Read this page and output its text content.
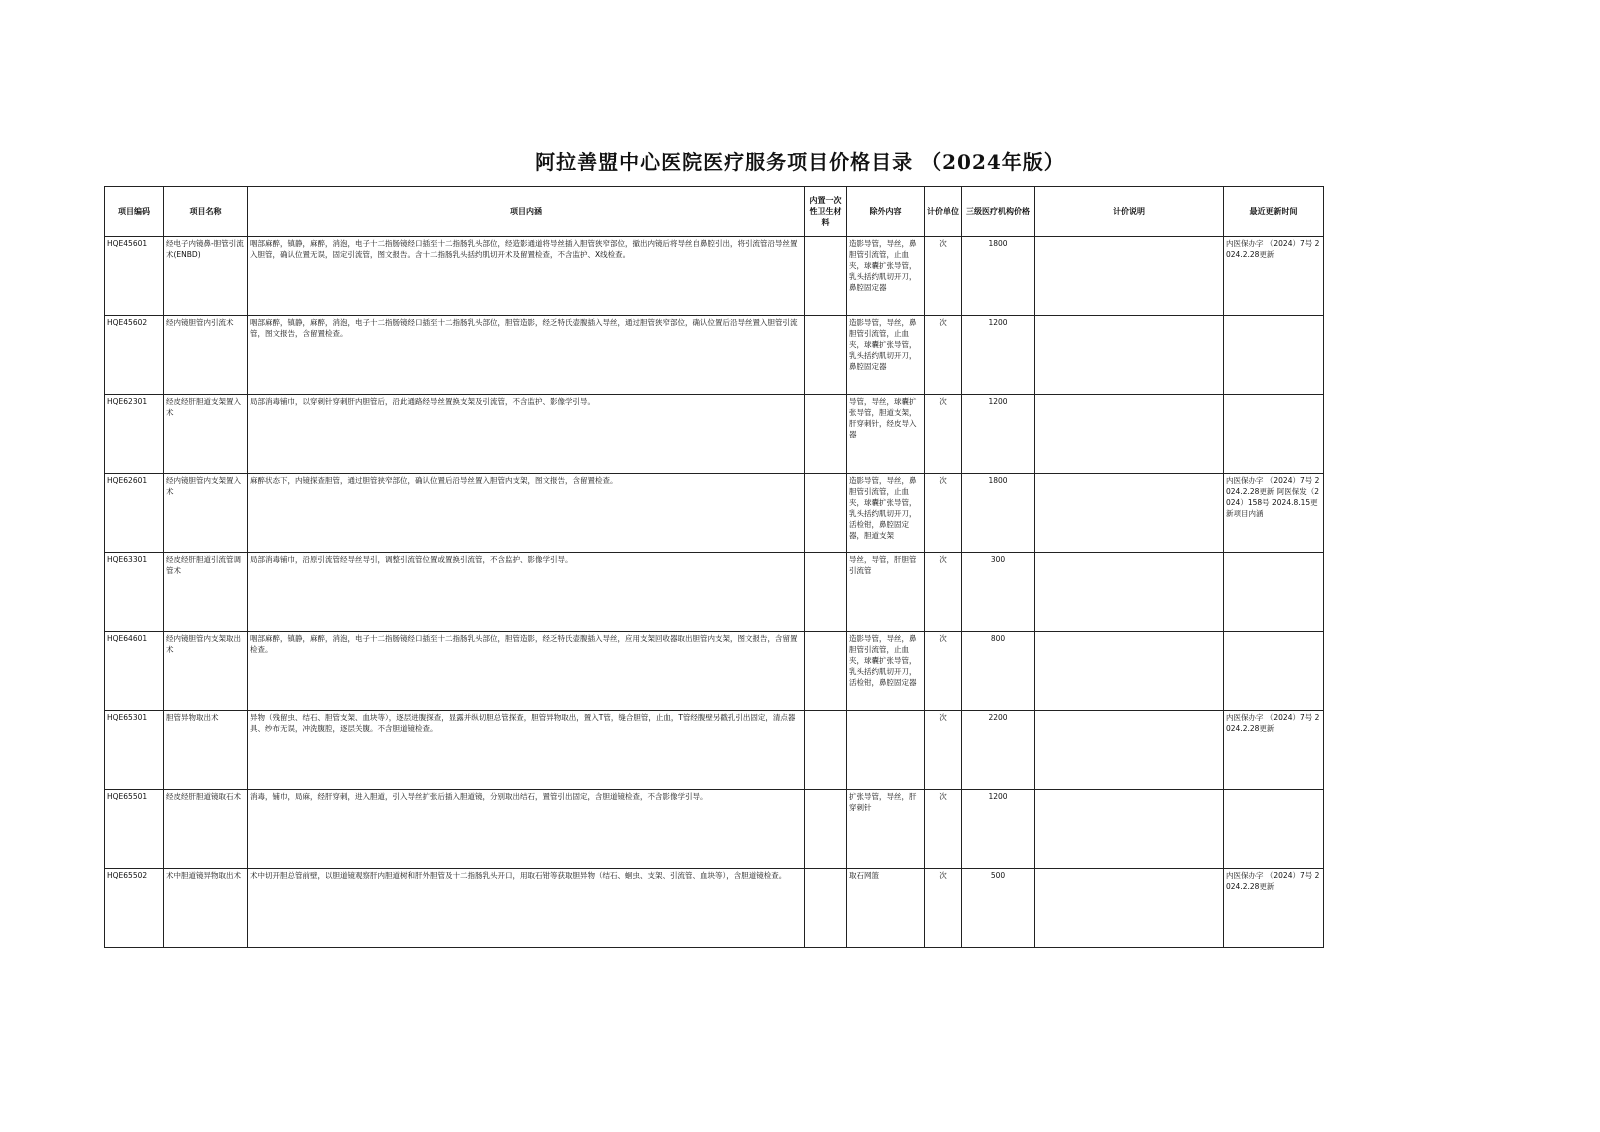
阿拉善盟中心医院医疗服务项目价格目录 （2024年版）
项目编码	项目名称	项目内涵	内置一次性卫生材料	除外内容	计价单位	三级医疗机构价格	计价说明	最近更新时间
HQE45601	经电子内镜鼻-胆管引流术(ENBD)	咽部麻醉，镇静，麻醉，消泡，电子十二指肠镜经口插至十二指肠乳头部位，经造影通道将导丝插入胆管狭窄部位，撤出内镜后将导丝自鼻腔引出，将引流管沿导丝置入胆管，确认位置无误，固定引流管，图文报告。含十二指肠乳头括约肌切开术及留置检查，不含监护、X线检查。		造影导管，导丝，鼻胆管引流管，止血夹，球囊扩张导管，乳头括约肌切开刀，鼻腔固定器	次	1800		内医保办字 （2024）7号 2024.2.28更新
HQE45602	经内镜胆管内引流术	咽部麻醉，镇静，麻醉，消泡，电子十二指肠镜经口插至十二指肠乳头部位，胆管造影，经乏特氏壶腹插入导丝，通过胆管狭窄部位，确认位置后沿导丝置入胆管引流管，图文报告，含留置检查。		造影导管，导丝，鼻胆管引流管，止血夹，球囊扩张导管，乳头括约肌切开刀，鼻腔固定器	次	1200		
HQE62301	经皮经肝胆道支架置入术	局部消毒铺巾，以穿刺针穿刺肝内胆管后，沿此通路经导丝置换支架及引流管，不含监护、影像学引导。		导管，导丝，球囊扩张导管，胆道支架，肝穿刺针，经皮导入器	次	1200		
HQE62601	经内镜胆管内支架置入术	麻醉状态下，内镜探查胆管，通过胆管狭窄部位，确认位置后沿导丝置入胆管内支架，图文报告，含留置检查。		造影导管，导丝，鼻胆管引流管，止血夹，球囊扩张导管，乳头括约肌切开刀，活检钳，鼻腔固定器，胆道支架	次	1800		内医保办字 （2024）7号 2024.2.28更新 阿医保发（2024）158号 2024.8.15更新项目内涵
HQE63301	经皮经肝胆道引流管调管术	局部消毒铺巾，沿原引流管经导丝导引，调整引流管位置或置换引流管，不含监护、影像学引导。		导丝，导管，肝胆管引流管	次	300		
HQE64601	经内镜胆管内支架取出术	咽部麻醉，镇静，麻醉，消泡，电子十二指肠镜经口插至十二指肠乳头部位，胆管造影，经乏特氏壶腹插入导丝，应用支架回收器取出胆管内支架，图文报告，含留置检查。		造影导管，导丝，鼻胆管引流管，止血夹，球囊扩张导管，乳头括约肌切开刀，活检钳，鼻腔固定器	次	800		
HQE65301	胆管异物取出术	异物（残留虫、结石、胆管支架、血块等），逐层进腹探查，显露并纵切胆总管探查，胆管异物取出，置入T管，缝合胆管，止血，T管经腹壁另戳孔引出固定，清点器具、纱布无误，冲洗腹腔，逐层关腹。不含胆道镜检查。			次	2200		内医保办字 （2024）7号 2024.2.28更新
HQE65501	经皮经肝胆道镜取石术	消毒，铺巾，局麻，经肝穿刺，进入胆道，引入导丝扩张后插入胆道镜，分别取出结石，置管引出固定，含胆道镜检查，不含影像学引导。		扩张导管，导丝，肝穿刺针	次	1200		
HQE65502	术中胆道镜异物取出术	术中切开胆总管前壁，以胆道镜观察肝内胆道树和肝外胆管及十二指肠乳头开口，用取石钳等获取胆异物（结石、蛔虫、支架、引流管、血块等），含胆道镜检查。		取石网篮	次	500		内医保办字 （2024）7号 2024.2.28更新
